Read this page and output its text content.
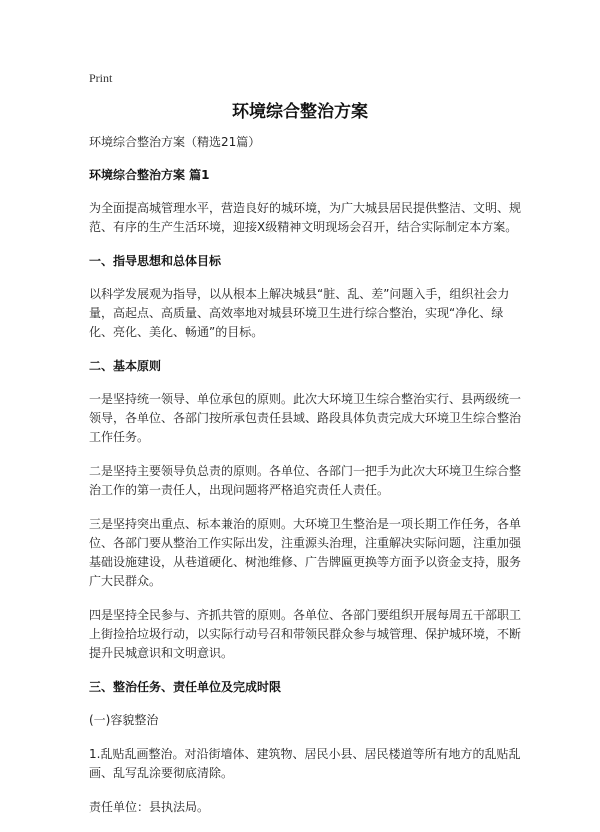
Print
环境综合整治方案

环境综合整治方案（精选21篇）

环境综合整治方案 篇1

为全面提高城管理水平，营造良好的城环境，为广大城县居民提供整洁、文明、规范、有序的生产生活环境，迎接X级精神文明现场会召开，结合实际制定本方案。

一、指导思想和总体目标

以科学发展观为指导，以从根本上解决城县“脏、乱、差”问题入手，组织社会力量，高起点、高质量、高效率地对城县环境卫生进行综合整治，实现“净化、绿化、亮化、美化、畅通”的目标。

二、基本原则

一是坚持统一领导、单位承包的原则。此次大环境卫生综合整治实行、县两级统一领导，各单位、各部门按所承包责任县域、路段具体负责完成大环境卫生综合整治工作任务。

二是坚持主要领导负总责的原则。各单位、各部门一把手为此次大环境卫生综合整治工作的第一责任人，出现问题将严格追究责任人责任。

三是坚持突出重点、标本兼治的原则。大环境卫生整治是一项长期工作任务，各单位、各部门要从整治工作实际出发，注重源头治理，注重解决实际问题，注重加强基础设施建设，从巷道硬化、树池维修、广告牌匾更换等方面予以资金支持，服务广大民群众。

四是坚持全民参与、齐抓共管的原则。各单位、各部门要组织开展每周五干部职工上街捡拾垃圾行动，以实际行动号召和带领民群众参与城管理、保护城环境，不断提升民城意识和文明意识。

三、整治任务、责任单位及完成时限

(一)容貌整治

1.乱贴乱画整治。对沿街墙体、建筑物、居民小县、居民楼道等所有地方的乱贴乱画、乱写乱涂要彻底清除。

责任单位：县执法局。
